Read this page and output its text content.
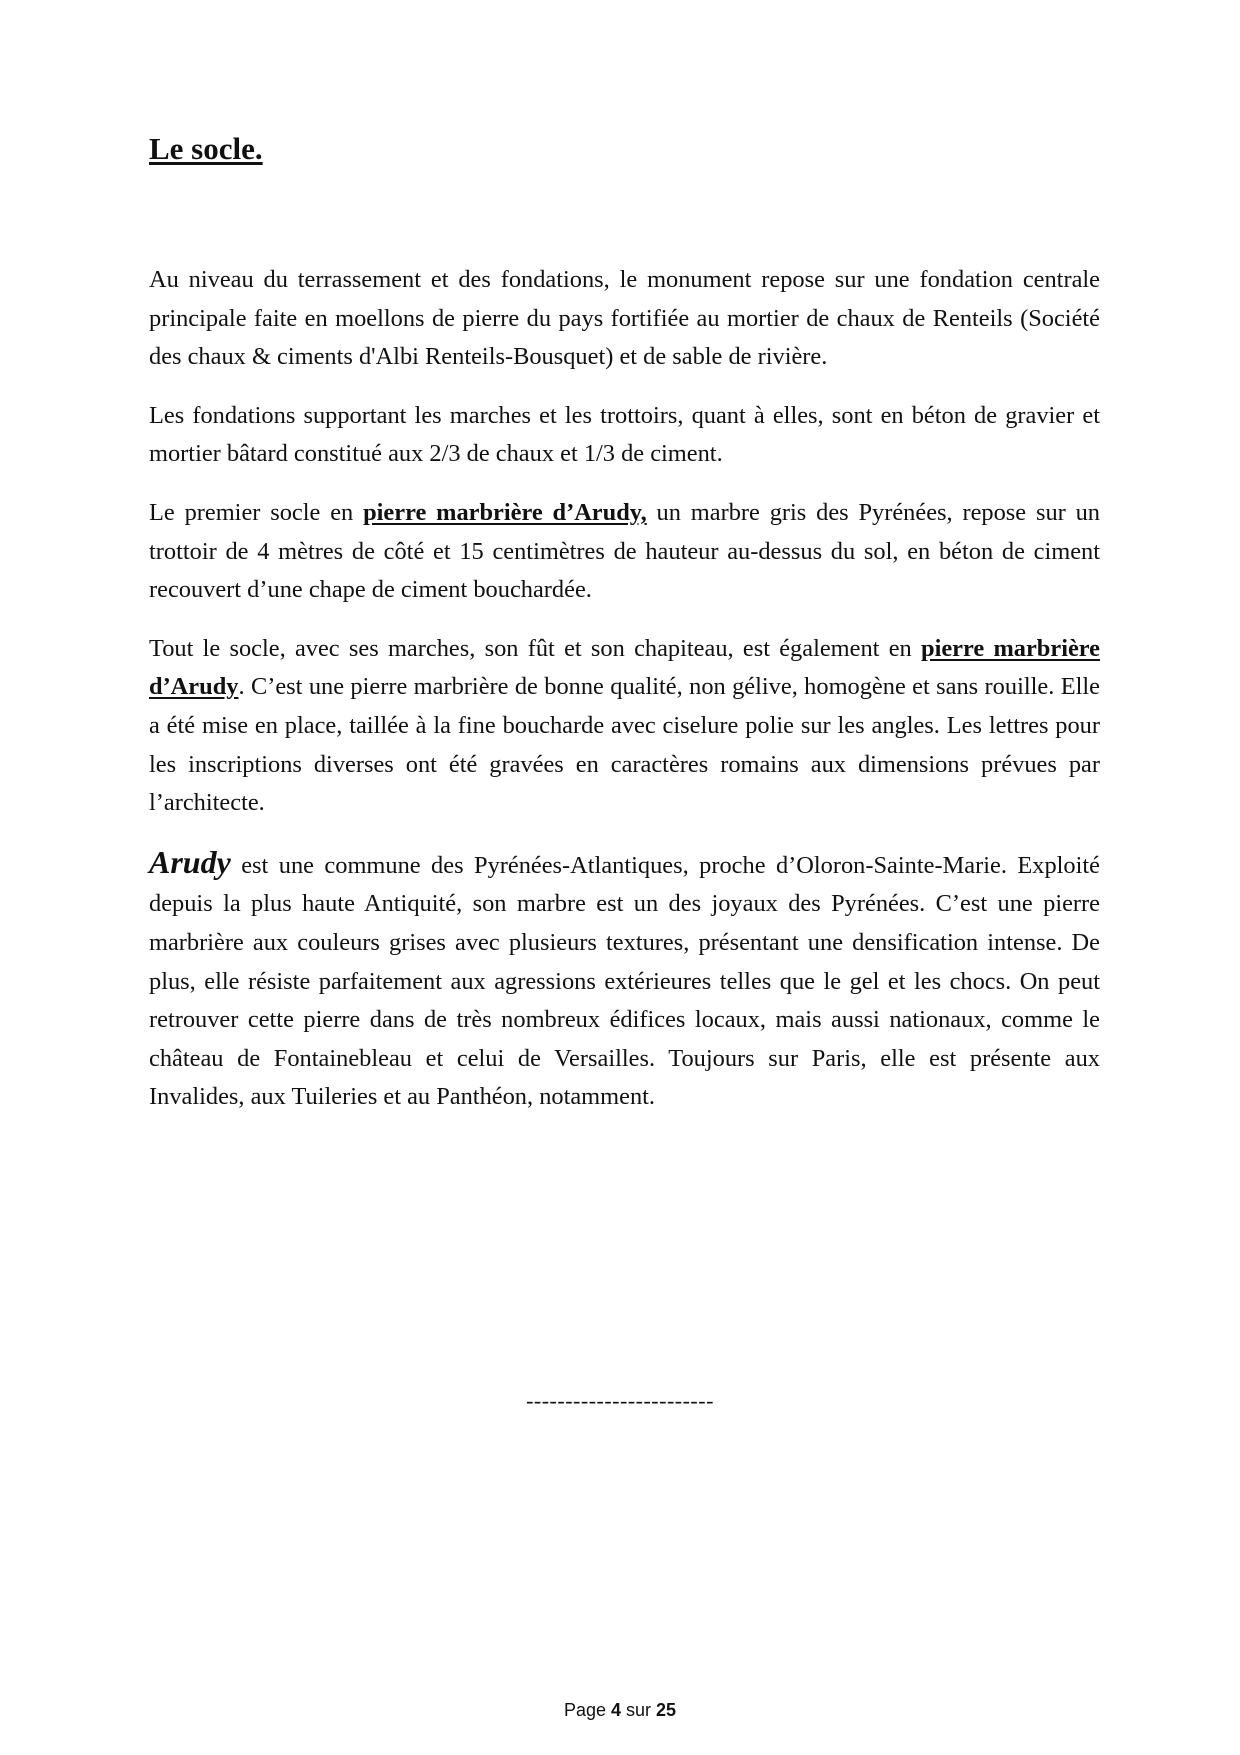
Le socle.

Au niveau du terrassement et des fondations, le monument repose sur une fondation centrale principale faite en moellons de pierre du pays fortifiée au mortier de chaux de Renteils (Société des chaux & ciments d'Albi Renteils-Bousquet) et de sable de rivière.

Les fondations supportant les marches et les trottoirs, quant à elles, sont en béton de gravier et mortier bâtard constitué aux 2/3 de chaux et 1/3 de ciment.

Le premier socle en pierre marbrière d’Arudy, un marbre gris des Pyrénées, repose sur un trottoir de 4 mètres de côté et 15 centimètres de hauteur au-dessus du sol, en béton de ciment recouvert d’une chape de ciment bouchardée.

Tout le socle, avec ses marches, son fût et son chapiteau, est également en pierre marbrière d’Arudy. C’est une pierre marbrière de bonne qualité, non gélive, homogène et sans rouille. Elle a été mise en place, taillée à la fine boucharde avec ciselure polie sur les angles. Les lettres pour les inscriptions diverses ont été gravées en caractères romains aux dimensions prévues par l’architecte.

Arudy est une commune des Pyrénées-Atlantiques, proche d’Oloron-Sainte-Marie. Exploité depuis la plus haute Antiquité, son marbre est un des joyaux des Pyrénées. C’est une pierre marbrière aux couleurs grises avec plusieurs textures, présentant une densification intense. De plus, elle résiste parfaitement aux agressions extérieures telles que le gel et les chocs. On peut retrouver cette pierre dans de très nombreux édifices locaux, mais aussi nationaux, comme le château de Fontainebleau et celui de Versailles. Toujours sur Paris, elle est présente aux Invalides, aux Tuileries et au Panthéon, notamment.

------------------------
Page 4 sur 25
